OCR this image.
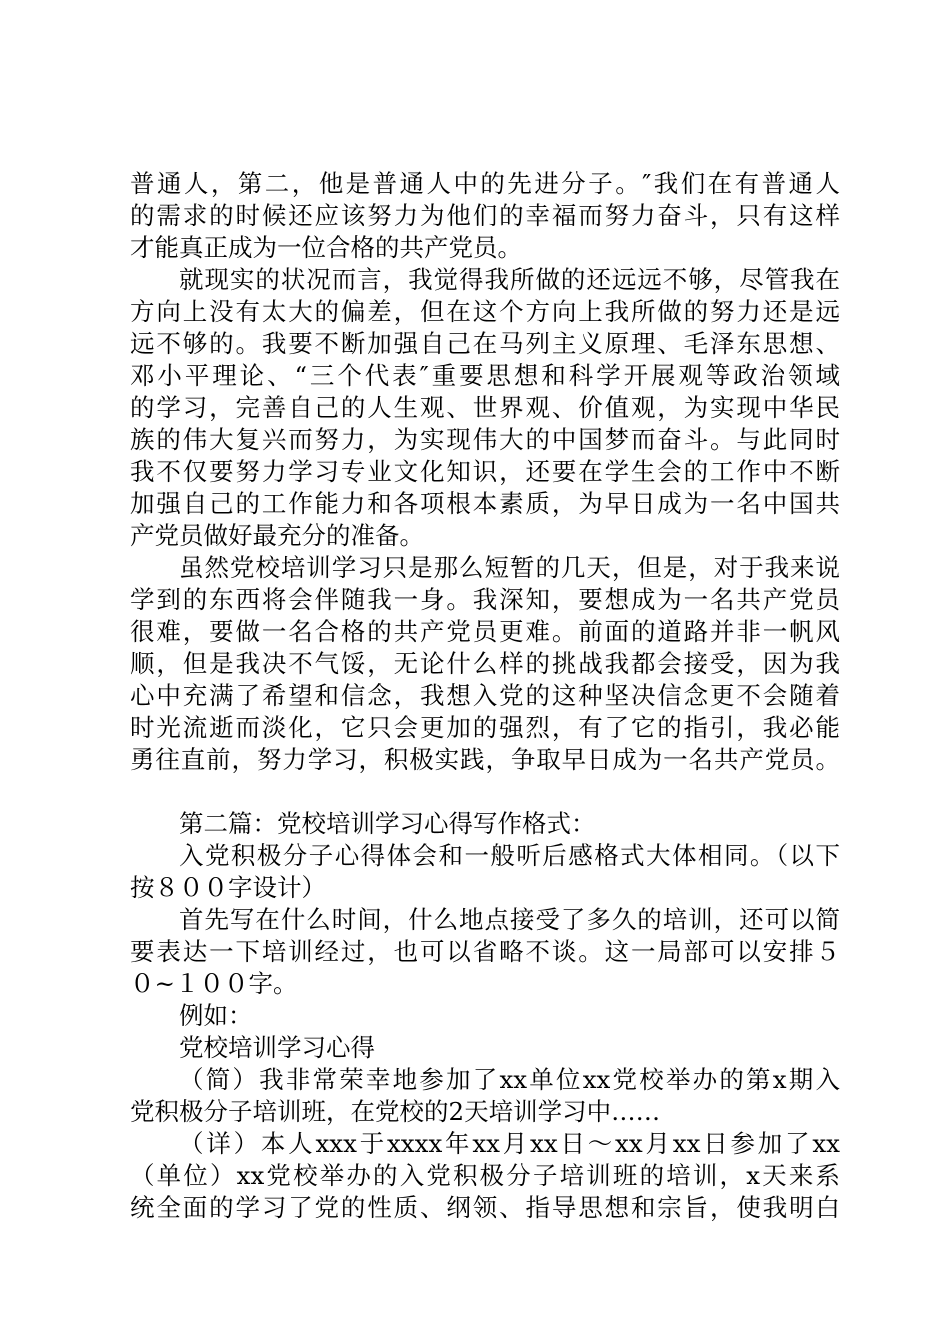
普通人，第二，他是普通人中的先进分子。″我们在有普通人
的需求的时候还应该努力为他们的幸福而努力奋斗，只有这样
才能真正成为一位合格的共产党员。
就现实的状况而言，我觉得我所做的还远远不够，尽管我在
方向上没有太大的偏差，但在这个方向上我所做的努力还是远
远不够的。我要不断加强自己在马列主义原理、毛泽东思想、
邓小平理论、“三个代表″重要思想和科学开展观等政治领域
的学习，完善自己的人生观、世界观、价值观，为实现中华民
族的伟大复兴而努力，为实现伟大的中国梦而奋斗。与此同时
我不仅要努力学习专业文化知识，还要在学生会的工作中不断
加强自己的工作能力和各项根本素质，为早日成为一名中国共
产党员做好最充分的准备。
虽然党校培训学习只是那么短暂的几天，但是，对于我来说
学到的东西将会伴随我一身。我深知，要想成为一名共产党员
很难，要做一名合格的共产党员更难。前面的道路并非一帆风
顺，但是我决不气馁，无论什么样的挑战我都会接受，因为我
心中充满了希望和信念，我想入党的这种坚决信念更不会随着
时光流逝而淡化，它只会更加的强烈，有了它的指引，我必能
勇往直前，努力学习，积极实践，争取早日成为一名共产党员。
第二篇：党校培训学习心得写作格式：
入党积极分子心得体会和一般听后感格式大体相同。（以下
按８００字设计）
首先写在什么时间，什么地点接受了多久的培训，还可以简
要表达一下培训经过，也可以省略不谈。这一局部可以安排５
０~１００字。
例如：
党校培训学习心得
（简）我非常荣幸地参加了xx单位xx党校举办的第x期入
党积极分子培训班，在党校的2天培训学习中……
（详）本人xxx于xxxx年xx月xx日～xx月xx日参加了xx
（单位）xx党校举办的入党积极分子培训班的培训，x天来系
统全面的学习了党的性质、纲领、指导思想和宗旨，使我明白
